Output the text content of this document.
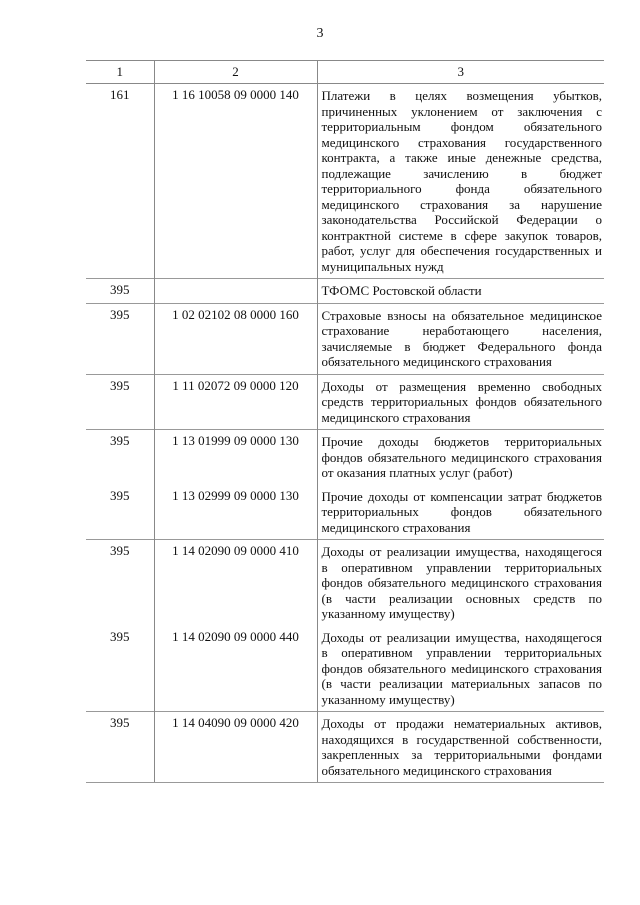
3
1	2	3
161	1 16 10058 09 0000 140	Платежи в целях возмещения убытков, причиненных уклонением от заключения с территориальным фондом обязательного медицинского страхования государственного контракта, а также иные денежные средства, подлежащие зачислению в бюджет территориального фонда обязательного медицинского страхования за нарушение законодательства Российской Федерации о контрактной системе в сфере закупок товаров, работ, услуг для обеспечения государственных и муниципальных нужд
395		ТФОМС Ростовской области
395	1 02 02102 08 0000 160	Страховые взносы на обязательное медицинское страхование неработающего населения, зачисляемые в бюджет Федерального фонда обязательного медицинского страхования
395	1 11 02072 09 0000 120	Доходы от размещения временно свободных средств территориальных фондов обязательного медицинского страхования
395	1 13 01999 09 0000 130	Прочие доходы бюджетов территориальных фондов обязательного медицинского страхования от оказания платных услуг (работ)
395	1 13 02999 09 0000 130	Прочие доходы от компенсации затрат бюджетов территориальных фондов обязательного медицинского страхования
395	1 14 02090 09 0000 410	Доходы от реализации имущества, находящегося в оперативном управлении территориальных фондов обязательного медицинского страхования (в части реализации основных средств по указанному имуществу)
395	1 14 02090 09 0000 440	Доходы от реализации имущества, находящегося в оперативном управлении территориальных фондов обязательного меdицинского страхования (в части реализации материальных запасов по указанному имуществу)
395	1 14 04090 09 0000 420	Доходы от продажи нематериальных активов, находящихся в государственной собственности, закрепленных за территориальными фондами обязательного медицинского страхования
